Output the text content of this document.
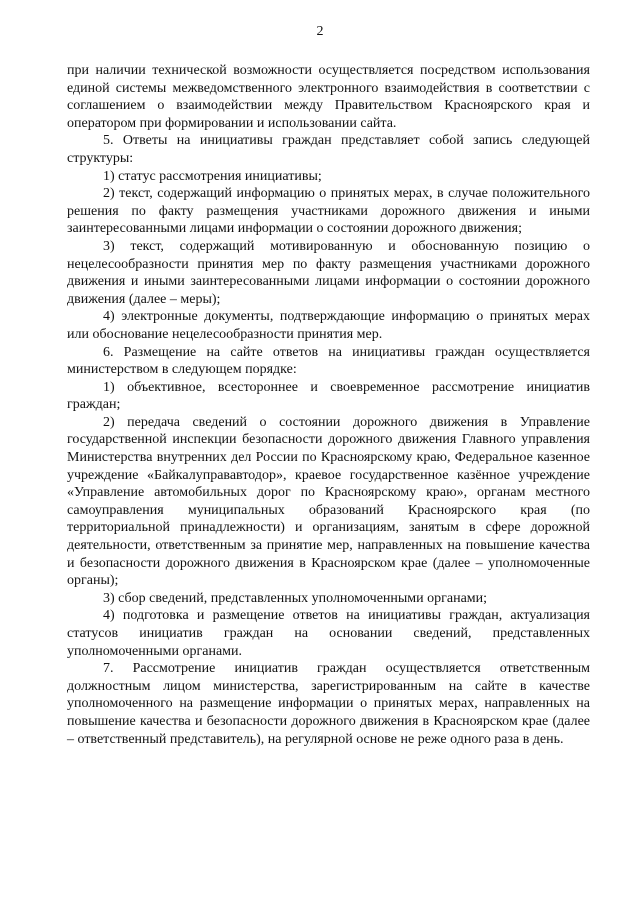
2

при наличии технической возможности осуществляется посредством использования единой системы межведомственного электронного взаимодействия в соответствии с соглашением о взаимодействии между Правительством Красноярского края и оператором при формировании и использовании сайта.

5. Ответы на инициативы граждан представляет собой запись следующей структуры:

1) статус рассмотрения инициативы;

2) текст, содержащий информацию о принятых мерах, в случае положительного решения по факту размещения участниками дорожного движения и иными заинтересованными лицами информации о состоянии дорожного движения;

3) текст, содержащий мотивированную и обоснованную позицию о нецелесообразности принятия мер по факту размещения участниками дорожного движения и иными заинтересованными лицами информации о состоянии дорожного движения (далее – меры);

4) электронные документы, подтверждающие информацию о принятых мерах или обоснование нецелесообразности принятия мер.

6. Размещение на сайте ответов на инициативы граждан осуществляется министерством в следующем порядке:

1) объективное, всестороннее и своевременное рассмотрение инициатив граждан;

2) передача сведений о состоянии дорожного движения в Управление государственной инспекции безопасности дорожного движения Главного управления Министерства внутренних дел России по Красноярскому краю, Федеральное казенное учреждение «Байкалуправавтодор», краевое государственное казённое учреждение «Управление автомобильных дорог по Красноярскому краю», органам местного самоуправления муниципальных образований Красноярского края (по территориальной принадлежности) и организациям, занятым в сфере дорожной деятельности, ответственным за принятие мер, направленных на повышение качества и безопасности дорожного движения в Красноярском крае (далее – уполномоченные органы);

3) сбор сведений, представленных уполномоченными органами;

4) подготовка и размещение ответов на инициативы граждан, актуализация статусов инициатив граждан на основании сведений, представленных уполномоченными органами.

7. Рассмотрение инициатив граждан осуществляется ответственным должностным лицом министерства, зарегистрированным на сайте в качестве уполномоченного на размещение информации о принятых мерах, направленных на повышение качества и безопасности дорожного движения в Красноярском крае (далее – ответственный представитель), на регулярной основе не реже одного раза в день.
